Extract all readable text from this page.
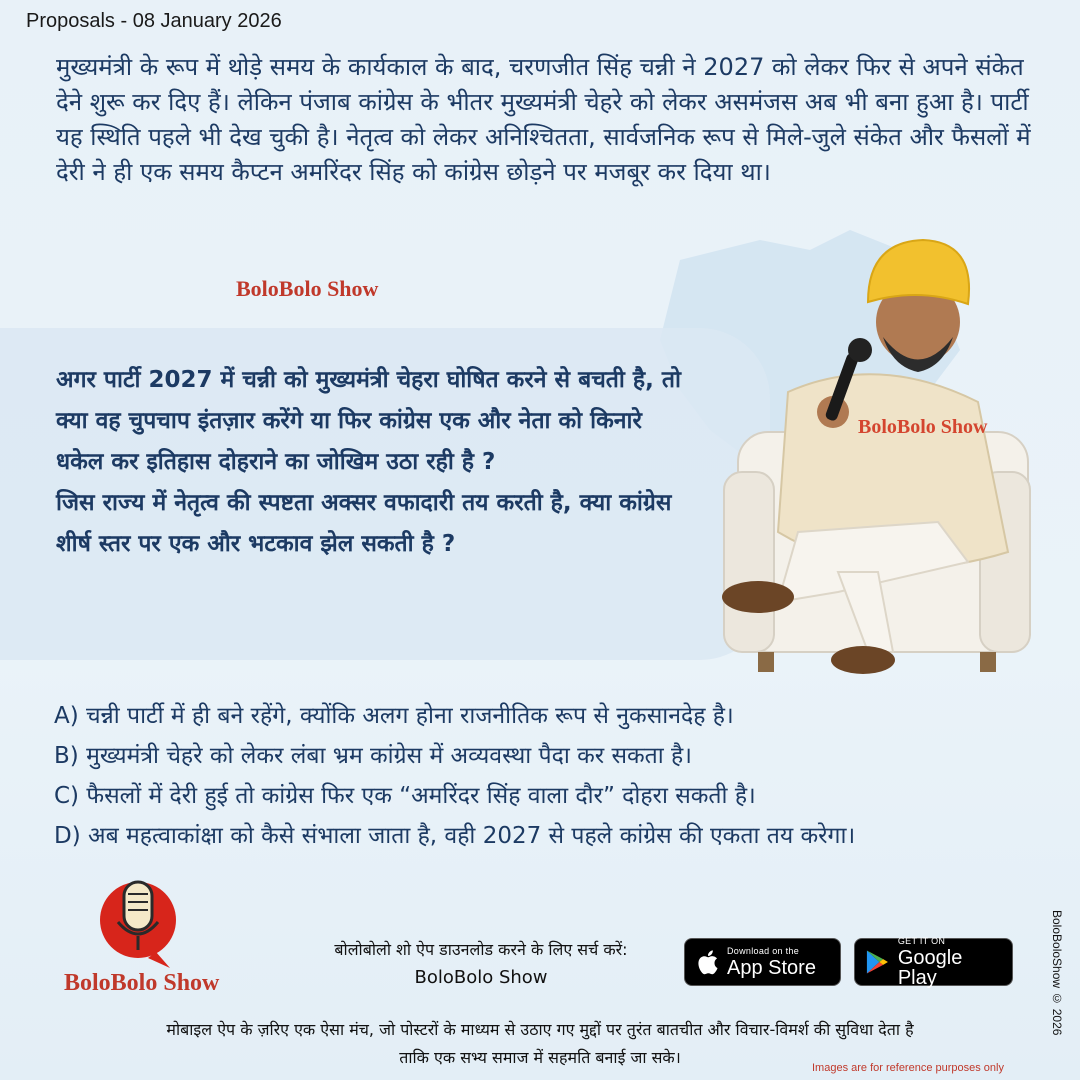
Proposals - 08 January 2026
मुख्यमंत्री के रूप में थोड़े समय के कार्यकाल के बाद, चरणजीत सिंह चन्नी ने 2027 को लेकर फिर से अपने संकेत देने शुरू कर दिए हैं। लेकिन पंजाब कांग्रेस के भीतर मुख्यमंत्री चेहरे को लेकर असमंजस अब भी बना हुआ है। पार्टी यह स्थिति पहले भी देख चुकी है। नेतृत्व को लेकर अनिश्चितता, सार्वजनिक रूप से मिले-जुले संकेत और फैसलों में देरी ने ही एक समय कैप्टन अमरिंदर सिंह को कांग्रेस छोड़ने पर मजबूर कर दिया था।
BoloBolo Show
अगर पार्टी 2027 में चन्नी को मुख्यमंत्री चेहरा घोषित करने से बचती है, तो क्या वह चुपचाप इंतज़ार करेंगे या फिर कांग्रेस एक और नेता को किनारे धकेल कर इतिहास दोहराने का जोखिम उठा रही है ?
जिस राज्य में नेतृत्व की स्पष्टता अक्सर वफादारी तय करती है, क्या कांग्रेस शीर्ष स्तर पर एक और भटकाव झेल सकती है ?
BoloBolo Show
A) चन्नी पार्टी में ही बने रहेंगे, क्योंकि अलग होना राजनीतिक रूप से नुकसानदेह है।
B) मुख्यमंत्री चेहरे को लेकर लंबा भ्रम कांग्रेस में अव्यवस्था पैदा कर सकता है।
C) फैसलों में देरी हुई तो कांग्रेस फिर एक “अमरिंदर सिंह वाला दौर” दोहरा सकती है।
D) अब महत्वाकांक्षा को कैसे संभाला जाता है, वही 2027 से पहले कांग्रेस की एकता तय करेगा।
BoloBolo Show
बोलोबोलो शो ऐप डाउनलोड करने के लिए सर्च करें:
BoloBolo Show
Download on the
App Store
GET IT ON
Google Play
मोबाइल ऐप के ज़रिए एक ऐसा मंच, जो पोस्टरों के माध्यम से उठाए गए मुद्दों पर तुरंत बातचीत और विचार-विमर्श की सुविधा देता है
ताकि एक सभ्य समाज में सहमति बनाई जा सके।
Images are for reference purposes only
BoloBoloShow © 2026
